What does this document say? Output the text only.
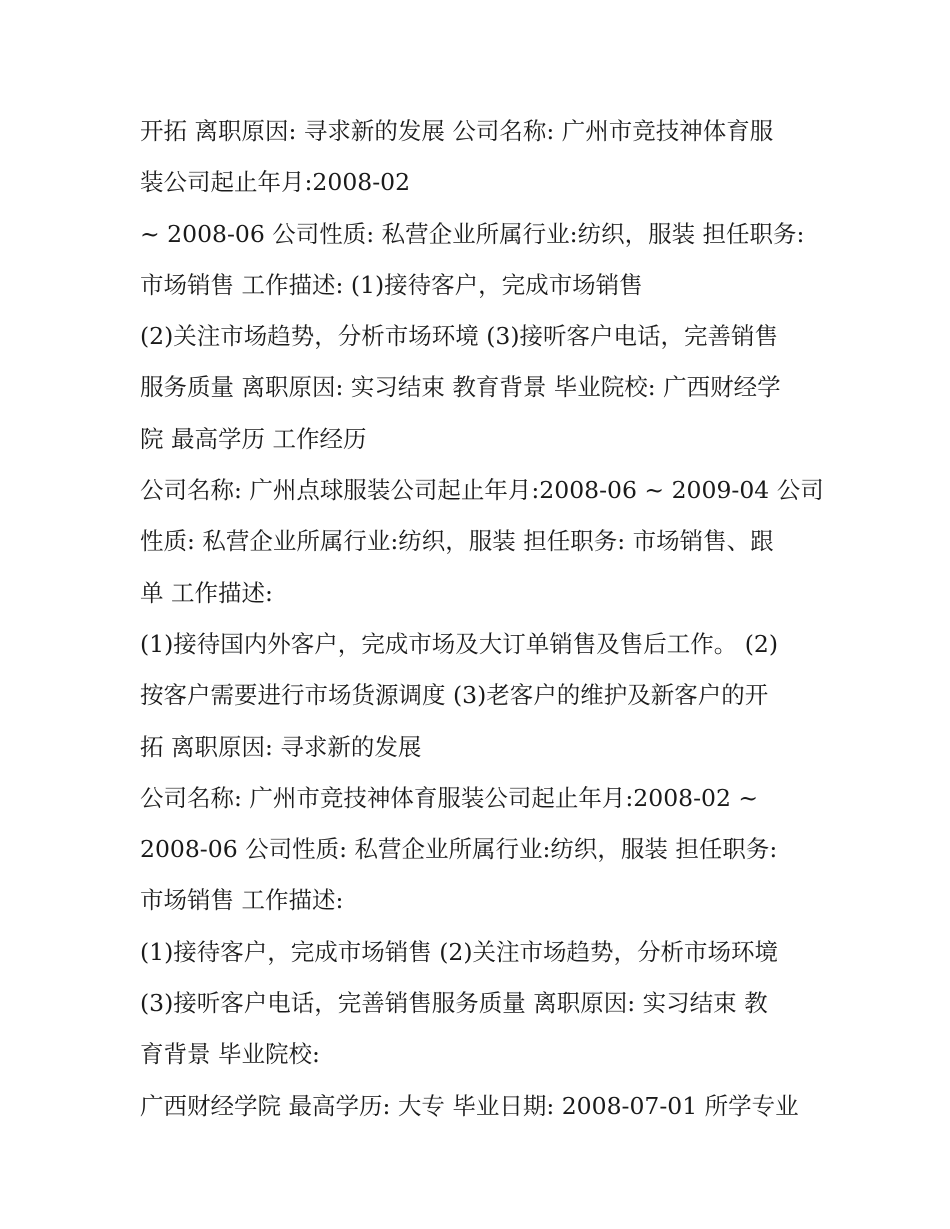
开拓 离职原因: 寻求新的发展 公司名称: 广州市竞技神体育服
装公司起止年月:2008-02
~ 2008-06 公司性质: 私营企业所属行业:纺织，服装 担任职务:
市场销售 工作描述: (1)接待客户，完成市场销售
(2)关注市场趋势，分析市场环境 (3)接听客户电话，完善销售
服务质量 离职原因: 实习结束 教育背景 毕业院校: 广西财经学
院 最高学历 工作经历
公司名称: 广州点球服装公司起止年月:2008-06 ~ 2009-04 公司
性质: 私营企业所属行业:纺织，服装 担任职务: 市场销售、跟
单 工作描述:
(1)接待国内外客户，完成市场及大订单销售及售后工作。 (2)
按客户需要进行市场货源调度 (3)老客户的维护及新客户的开
拓 离职原因: 寻求新的发展
公司名称: 广州市竞技神体育服装公司起止年月:2008-02 ~
2008-06 公司性质: 私营企业所属行业:纺织，服装 担任职务:
市场销售 工作描述:
(1)接待客户，完成市场销售 (2)关注市场趋势，分析市场环境
(3)接听客户电话，完善销售服务质量 离职原因: 实习结束 教
育背景 毕业院校:
广西财经学院 最高学历: 大专 毕业日期: 2008-07-01 所学专业
